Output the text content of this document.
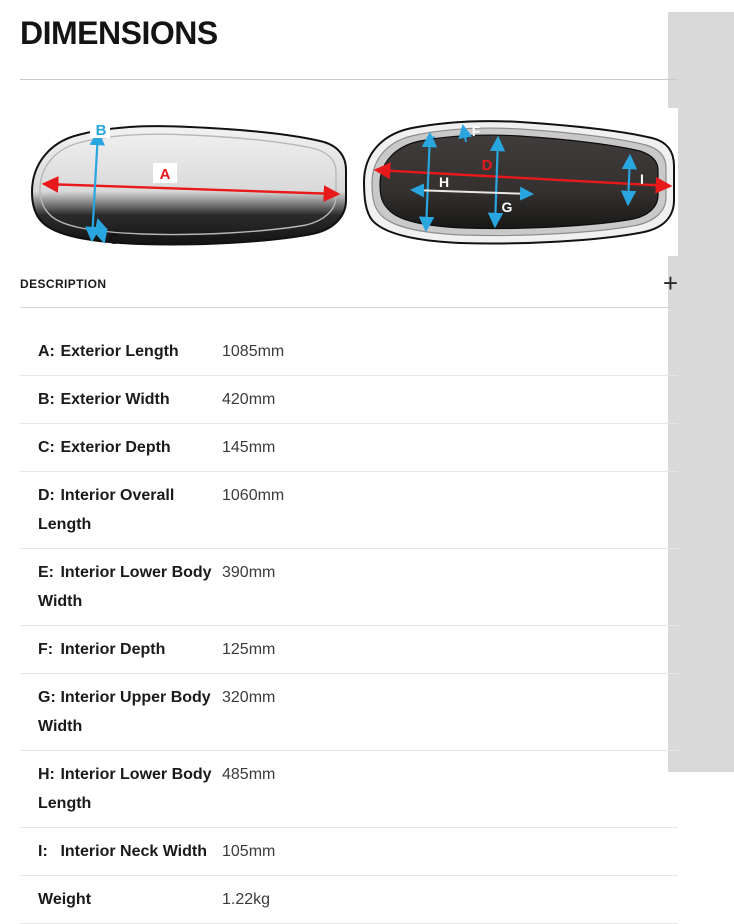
DIMENSIONS
A
B
C
D
E
F
G
H	I
DESCRIPTION	+
A: Exterior Length	1085mm
B: Exterior Width	420mm
C: Exterior Depth	145mm
D: Interior Overall Length	1060mm
E: Interior Lower Body Width	390mm
F: Interior Depth	125mm
G: Interior Upper Body Width	320mm
H: Interior Lower Body Length	485mm
I: Interior Neck Width	105mm
Weight	1.22kg
